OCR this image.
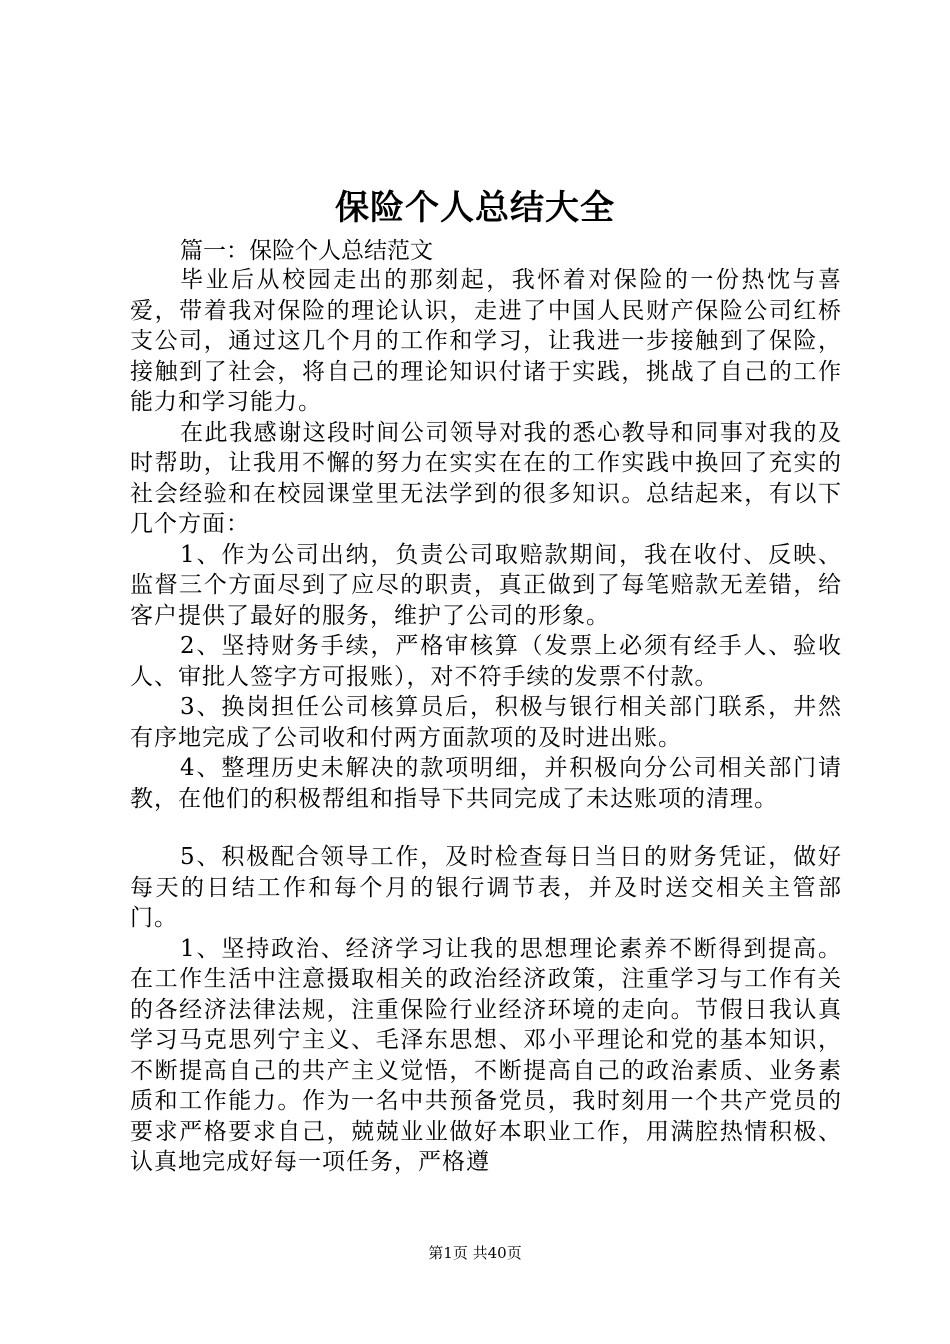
保险个人总结大全
篇一：保险个人总结范文

毕业后从校园走出的那刻起，我怀着对保险的一份热忱与喜爱，带着我对保险的理论认识，走进了中国人民财产保险公司红桥支公司，通过这几个月的工作和学习，让我进一步接触到了保险，接触到了社会，将自己的理论知识付诸于实践，挑战了自己的工作能力和学习能力。

在此我感谢这段时间公司领导对我的悉心教导和同事对我的及时帮助，让我用不懈的努力在实实在在的工作实践中换回了充实的社会经验和在校园课堂里无法学到的很多知识。总结起来，有以下几个方面：

1、作为公司出纳，负责公司取赔款期间，我在收付、反映、监督三个方面尽到了应尽的职责，真正做到了每笔赔款无差错，给客户提供了最好的服务，维护了公司的形象。

2、坚持财务手续，严格审核算（发票上必须有经手人、验收人、审批人签字方可报账），对不符手续的发票不付款。

3、换岗担任公司核算员后，积极与银行相关部门联系，井然有序地完成了公司收和付两方面款项的及时进出账。

4、整理历史未解决的款项明细，并积极向分公司相关部门请教，在他们的积极帮组和指导下共同完成了未达账项的清理。

5、积极配合领导工作，及时检查每日当日的财务凭证，做好每天的日结工作和每个月的银行调节表，并及时送交相关主管部门。

1、坚持政治、经济学习让我的思想理论素养不断得到提高。在工作生活中注意摄取相关的政治经济政策，注重学习与工作有关的各经济法律法规，注重保险行业经济环境的走向。节假日我认真学习马克思列宁主义、毛泽东思想、邓小平理论和党的基本知识，不断提高自己的共产主义觉悟，不断提高自己的政治素质、业务素质和工作能力。作为一名中共预备党员，我时刻用一个共产党员的要求严格要求自己，兢兢业业做好本职业工作，用满腔热情积极、认真地完成好每一项任务，严格遵

第1页 共40页
